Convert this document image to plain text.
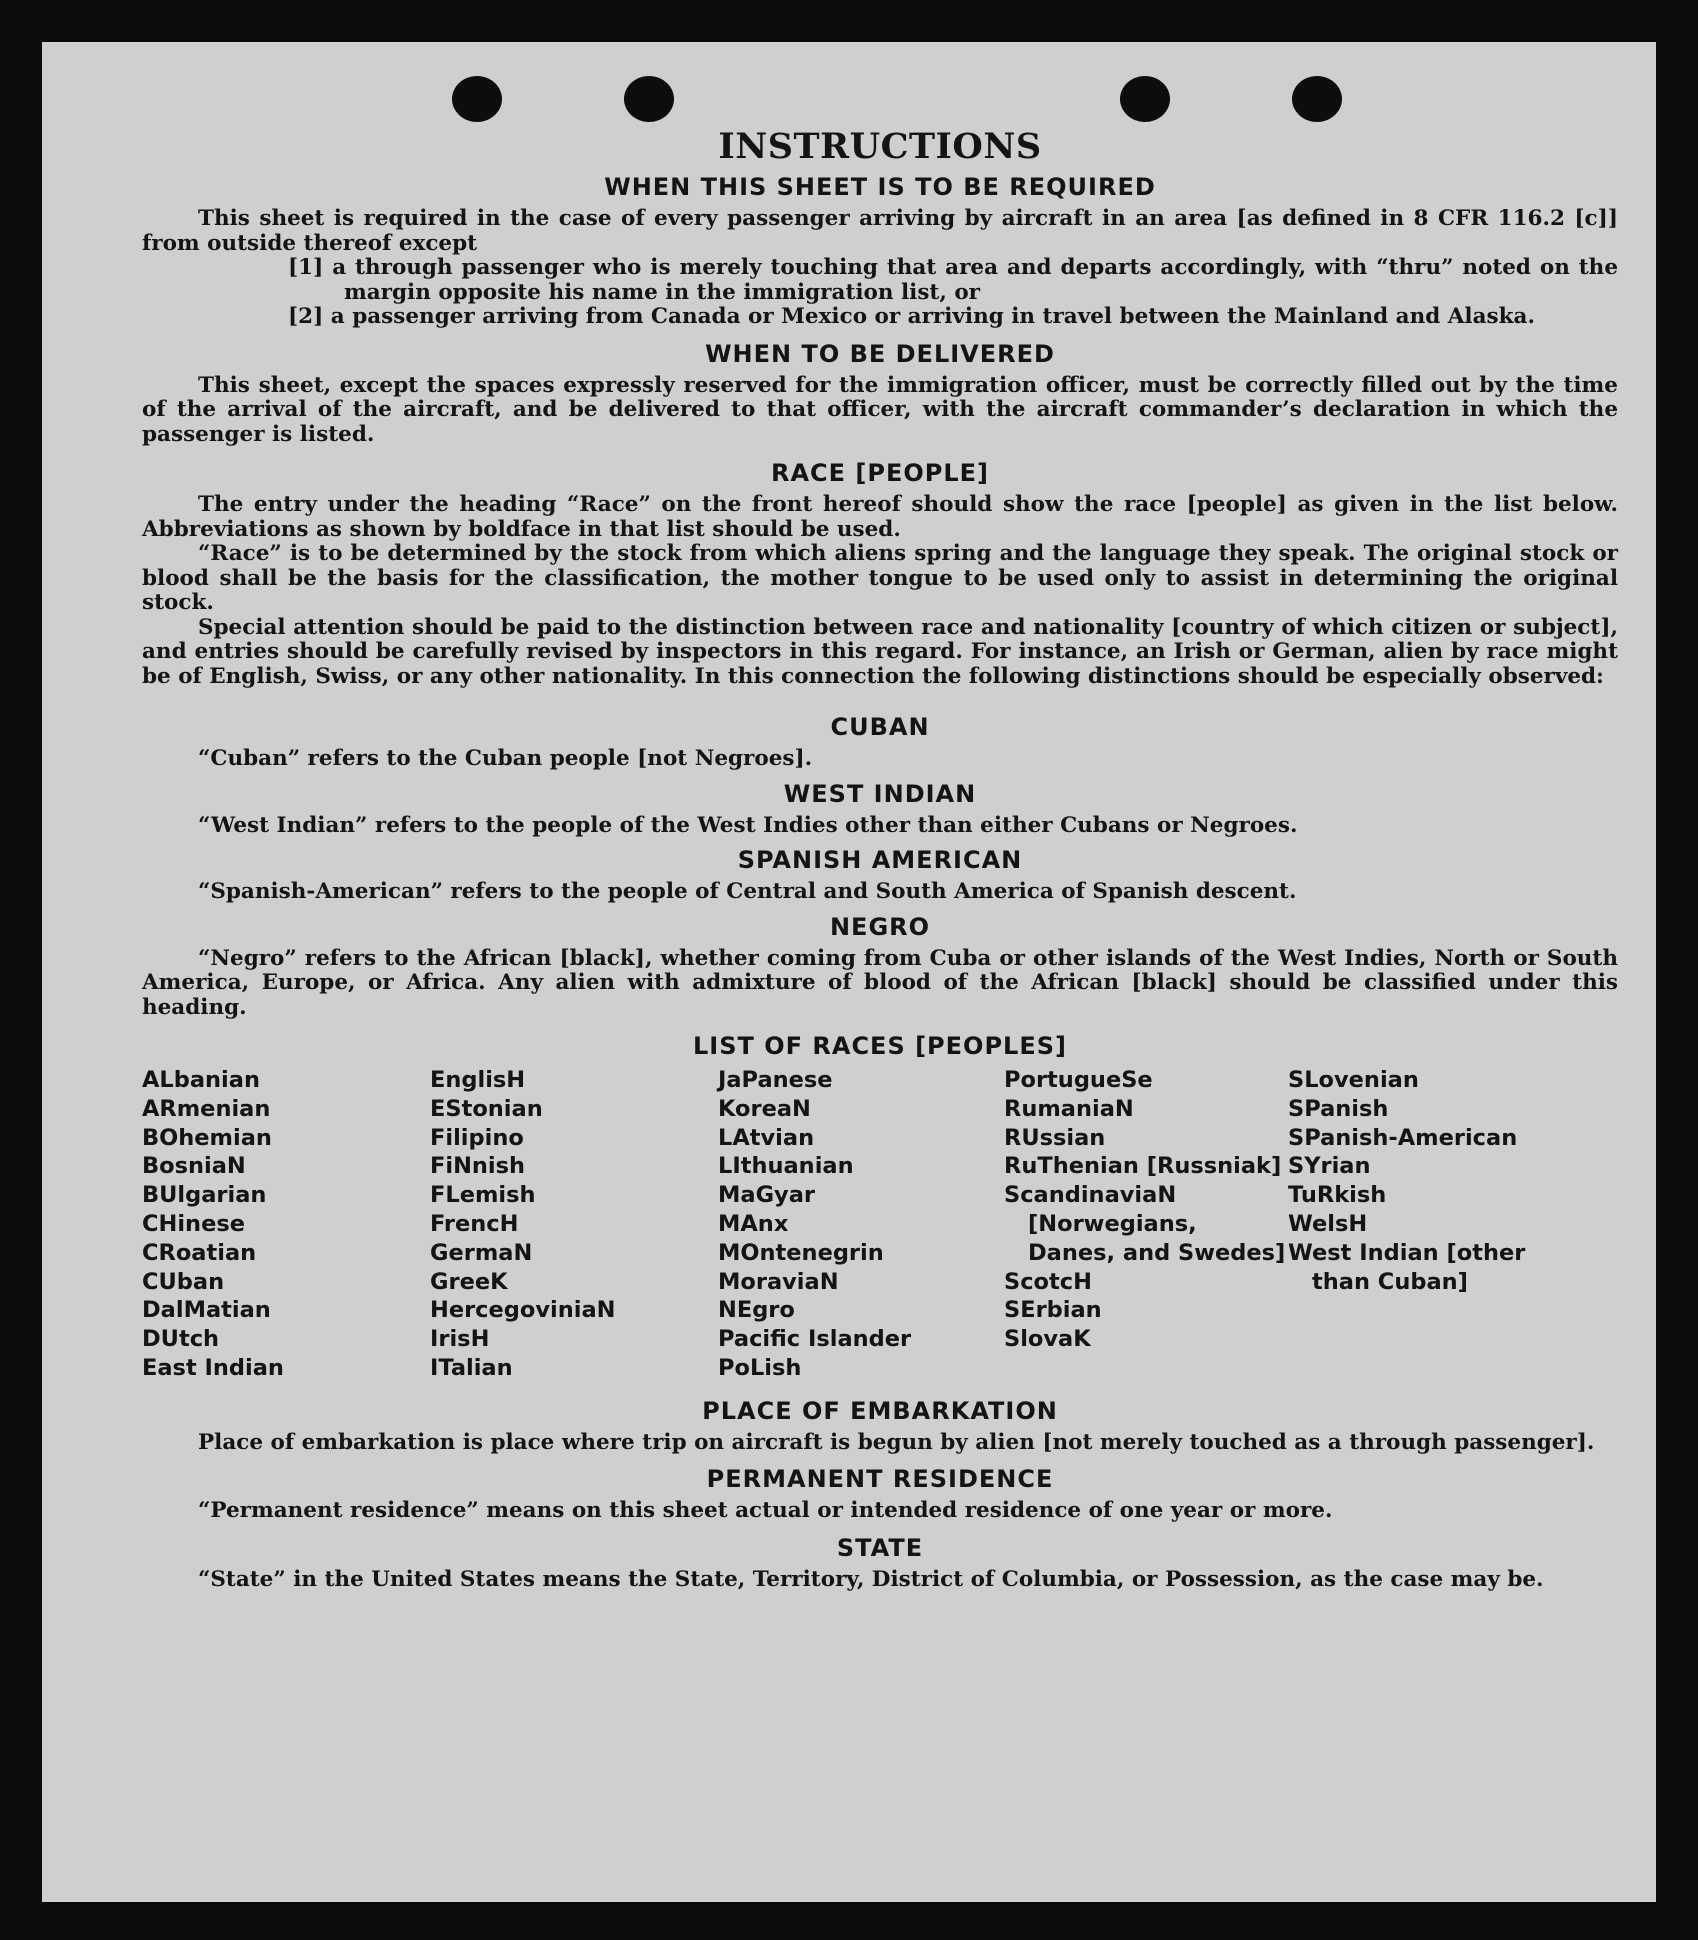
INSTRUCTIONS
WHEN THIS SHEET IS TO BE REQUIRED

This sheet is required in the case of every passenger arriving by aircraft in an area [as defined in 8 CFR 116.2 [c]] from outside thereof except

[1] a through passenger who is merely touching that area and departs accordingly, with “thru” noted on the margin opposite his name in the immigration list, or

[2] a passenger arriving from Canada or Mexico or arriving in travel between the Mainland and Alaska.

WHEN TO BE DELIVERED

This sheet, except the spaces expressly reserved for the immigration officer, must be correctly filled out by the time of the arrival of the aircraft, and be delivered to that officer, with the aircraft commander’s declaration in which the passenger is listed.

RACE [PEOPLE]

The entry under the heading “Race” on the front hereof should show the race [people] as given in the list below. Abbreviations as shown by boldface in that list should be used.

“Race” is to be determined by the stock from which aliens spring and the language they speak. The original stock or blood shall be the basis for the classification, the mother tongue to be used only to assist in determining the original stock.

Special attention should be paid to the distinction between race and nationality [country of which citizen or subject], and entries should be carefully revised by inspectors in this regard. For instance, an Irish or German, alien by race might be of English, Swiss, or any other nationality. In this connection the following distinctions should be especially observed:

CUBAN

“Cuban” refers to the Cuban people [not Negroes].

WEST INDIAN

“West Indian” refers to the people of the West Indies other than either Cubans or Negroes.

SPANISH AMERICAN

“Spanish-American” refers to the people of Central and South America of Spanish descent.

NEGRO

“Negro” refers to the African [black], whether coming from Cuba or other islands of the West Indies, North or South America, Europe, or Africa. Any alien with admixture of blood of the African [black] should be classified under this heading.

LIST OF RACES [PEOPLES]
ALbanian
ARmenian
BOhemian
BosniaN
BUlgarian
CHinese
CRoatian
CUban
DalMatian
DUtch
East Indian
EnglisH
EStonian
Filipino
FiNnish
FLemish
FrencH
GermaN
GreeK
HercegoviniaN
IrisH
ITalian
JaPanese
KoreaN
LAtvian
LIthuanian
MaGyar
MAnx
MOntenegrin
MoraviaN
NEgro
Pacific Islander
PoLish
PortugueSe
RumaniaN
RUssian
RuThenian [Russniak]
ScandinaviaN [Norwegians, Danes, and Swedes]
ScotcH
SErbian
SlovaK
SLovenian
SPanish
SPanish-American
SYrian
TuRkish
WelsH
West Indian [other than Cuban]
PLACE OF EMBARKATION

Place of embarkation is place where trip on aircraft is begun by alien [not merely touched as a through passenger].

PERMANENT RESIDENCE

“Permanent residence” means on this sheet actual or intended residence of one year or more.

STATE

“State” in the United States means the State, Territory, District of Columbia, or Possession, as the case may be.
